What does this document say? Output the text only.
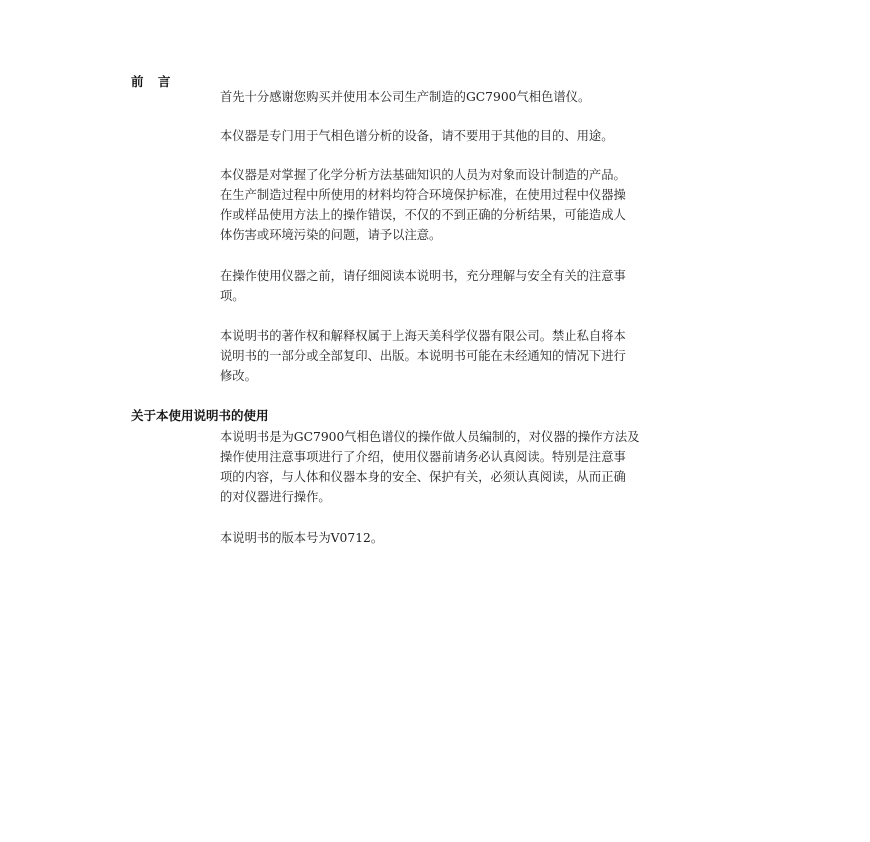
前 言

首先十分感谢您购买并使用本公司生产制造的GC7900气相色谱仪。

本仪器是专门用于气相色谱分析的设备，请不要用于其他的目的、用途。

本仪器是对掌握了化学分析方法基础知识的人员为对象而设计制造的产品。
在生产制造过程中所使用的材料均符合环境保护标准，在使用过程中仪器操
作或样品使用方法上的操作错误，不仅的不到正确的分析结果，可能造成人
体伤害或环境污染的问题，请予以注意。

在操作使用仪器之前，请仔细阅读本说明书，充分理解与安全有关的注意事
项。

本说明书的著作权和解释权属于上海天美科学仪器有限公司。禁止私自将本
说明书的一部分或全部复印、出版。本说明书可能在未经通知的情况下进行
修改。

关于本使用说明书的使用

本说明书是为GC7900气相色谱仪的操作做人员编制的，对仪器的操作方法及
操作使用注意事项进行了介绍，使用仪器前请务必认真阅读。特别是注意事
项的内容，与人体和仪器本身的安全、保护有关，必须认真阅读，从而正确
的对仪器进行操作。

本说明书的版本号为V0712。
